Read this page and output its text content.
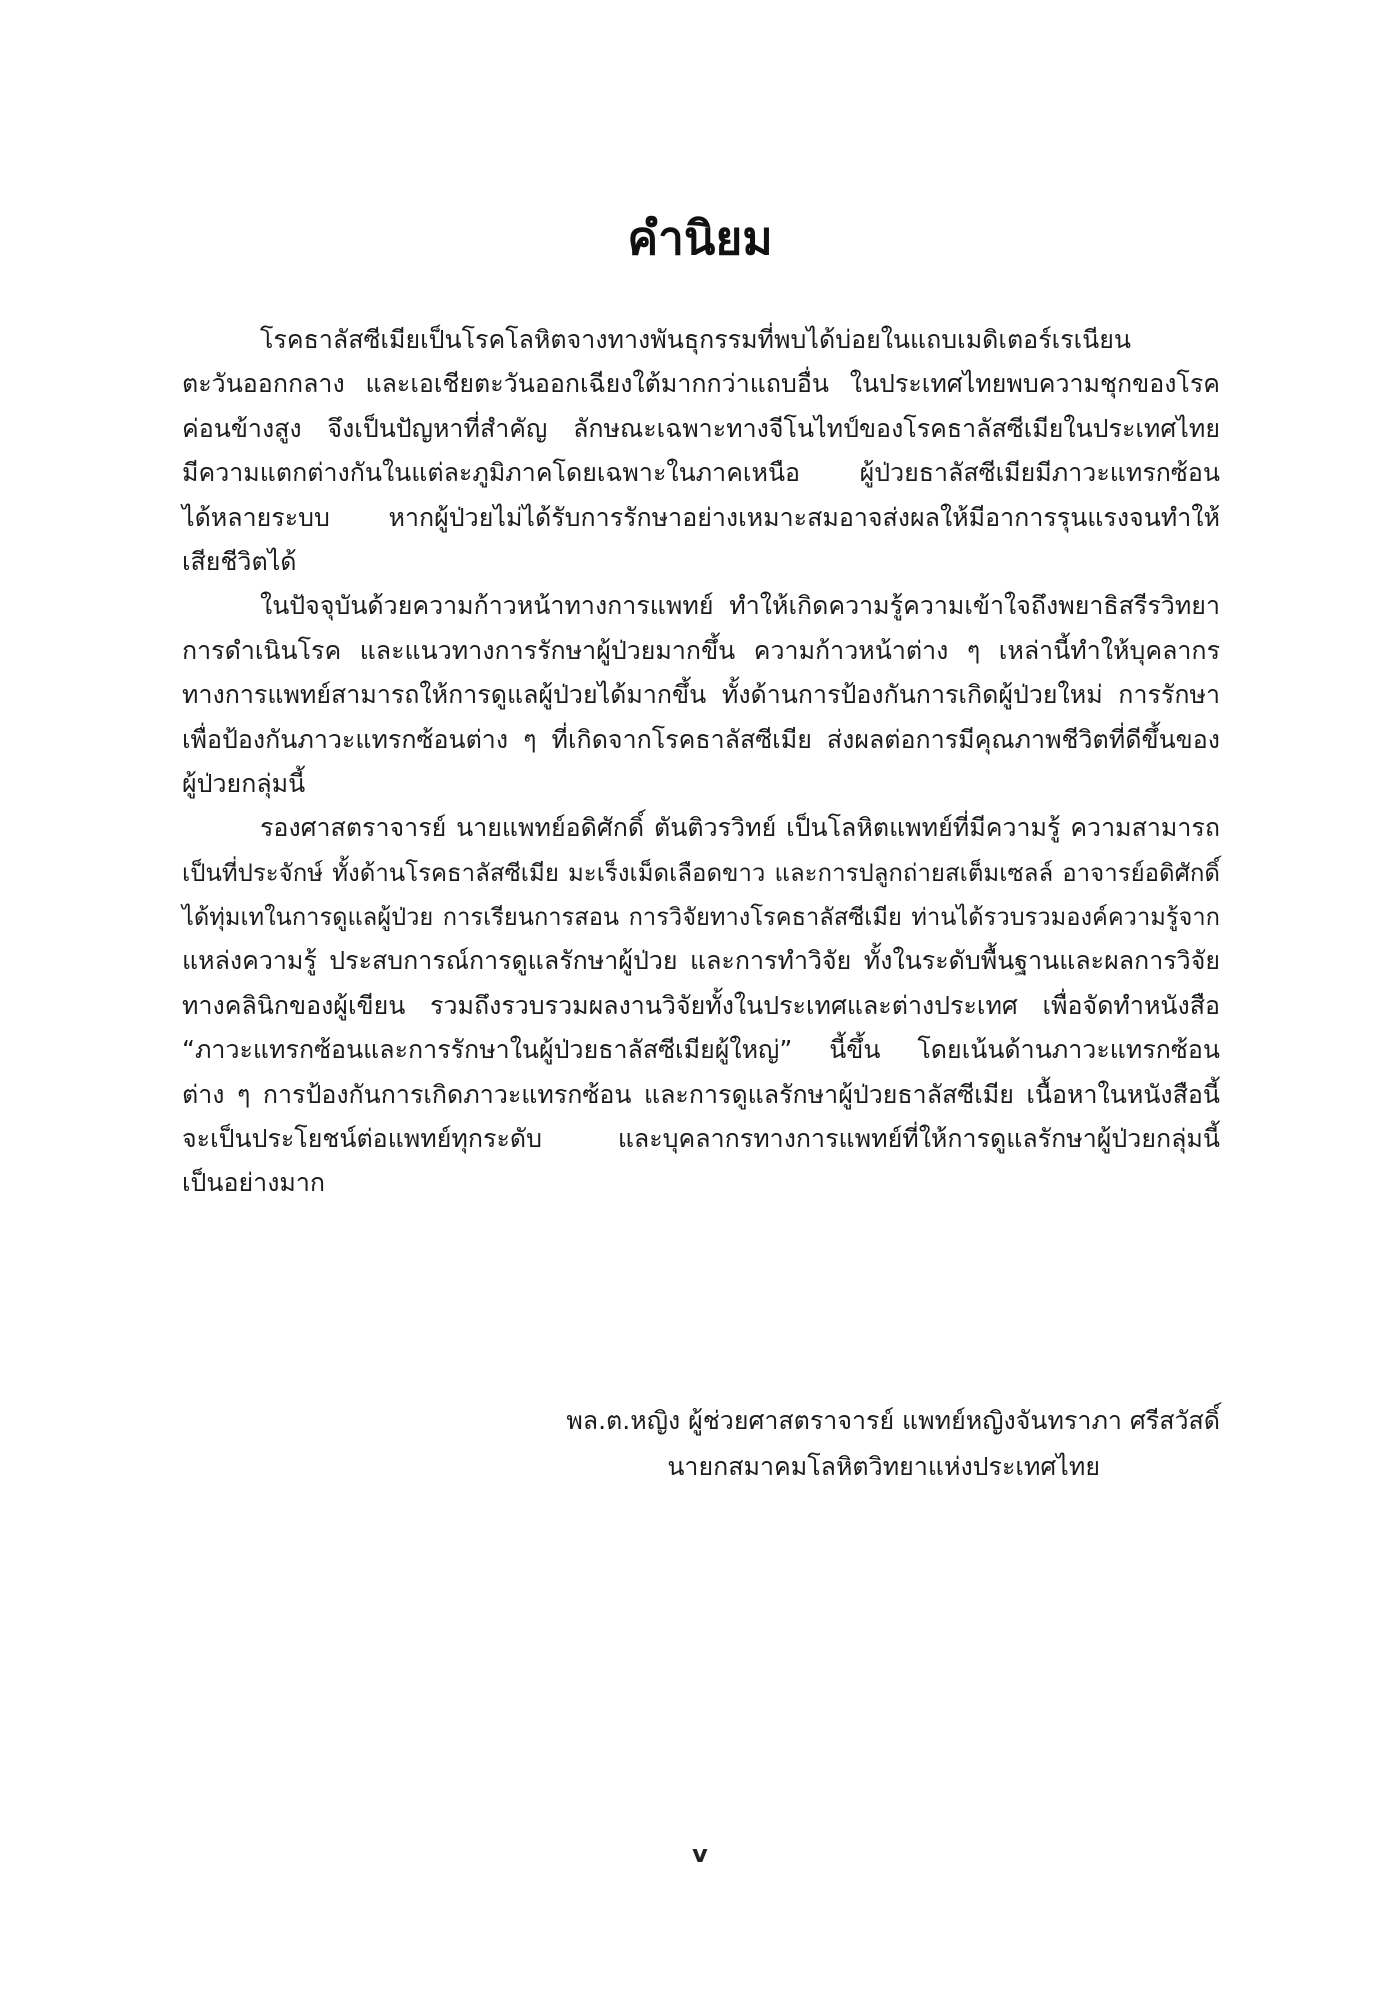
คำนิยม
โรคธาลัสซีเมียเป็นโรคโลหิตจางทางพันธุกรรมที่พบได้บ่อยในแถบเมดิเตอร์เรเนียน
ตะวันออกกลาง และเอเชียตะวันออกเฉียงใต้มากกว่าแถบอื่น ในประเทศไทยพบความชุกของโรค
ค่อนข้างสูง จึงเป็นปัญหาที่สำคัญ ลักษณะเฉพาะทางจีโนไทป์ของโรคธาลัสซีเมียในประเทศไทย
มีความแตกต่างกันในแต่ละภูมิภาคโดยเฉพาะในภาคเหนือ ผู้ป่วยธาลัสซีเมียมีภาวะแทรกซ้อน
ได้หลายระบบ หากผู้ป่วยไม่ได้รับการรักษาอย่างเหมาะสมอาจส่งผลให้มีอาการรุนแรงจนทำให้
เสียชีวิตได้
ในปัจจุบันด้วยความก้าวหน้าทางการแพทย์ ทำให้เกิดความรู้ความเข้าใจถึงพยาธิสรีรวิทยา
การดำเนินโรค และแนวทางการรักษาผู้ป่วยมากขึ้น ความก้าวหน้าต่าง ๆ เหล่านี้ทำให้บุคลากร
ทางการแพทย์สามารถให้การดูแลผู้ป่วยได้มากขึ้น ทั้งด้านการป้องกันการเกิดผู้ป่วยใหม่ การรักษา
เพื่อป้องกันภาวะแทรกซ้อนต่าง ๆ ที่เกิดจากโรคธาลัสซีเมีย ส่งผลต่อการมีคุณภาพชีวิตที่ดีขึ้นของ
ผู้ป่วยกลุ่มนี้
รองศาสตราจารย์ นายแพทย์อดิศักดิ์ ตันติวรวิทย์ เป็นโลหิตแพทย์ที่มีความรู้ ความสามารถ
เป็นที่ประจักษ์ ทั้งด้านโรคธาลัสซีเมีย มะเร็งเม็ดเลือดขาว และการปลูกถ่ายสเต็มเซลล์ อาจารย์อดิศักดิ์
ได้ทุ่มเทในการดูแลผู้ป่วย การเรียนการสอน การวิจัยทางโรคธาลัสซีเมีย ท่านได้รวบรวมองค์ความรู้จาก
แหล่งความรู้ ประสบการณ์การดูแลรักษาผู้ป่วย และการทำวิจัย ทั้งในระดับพื้นฐานและผลการวิจัย
ทางคลินิกของผู้เขียน รวมถึงรวบรวมผลงานวิจัยทั้งในประเทศและต่างประเทศ เพื่อจัดทำหนังสือ
“ภาวะแทรกซ้อนและการรักษาในผู้ป่วยธาลัสซีเมียผู้ใหญ่” นี้ขึ้น โดยเน้นด้านภาวะแทรกซ้อน
ต่าง ๆ การป้องกันการเกิดภาวะแทรกซ้อน และการดูแลรักษาผู้ป่วยธาลัสซีเมีย เนื้อหาในหนังสือนี้
จะเป็นประโยชน์ต่อแพทย์ทุกระดับ และบุคลากรทางการแพทย์ที่ให้การดูแลรักษาผู้ป่วยกลุ่มนี้
เป็นอย่างมาก
พล.ต.หญิง ผู้ช่วยศาสตราจารย์ แพทย์หญิงจันทราภา ศรีสวัสดิ์
นายกสมาคมโลหิตวิทยาแห่งประเทศไทย
v
